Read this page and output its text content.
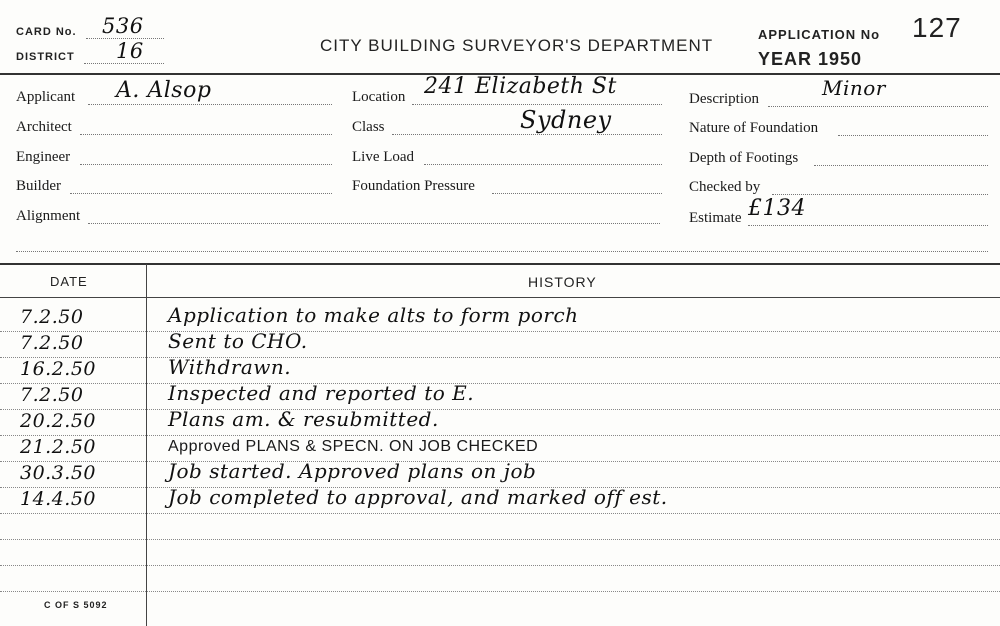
CARD No. 536
DISTRICT 16	CITY BUILDING SURVEYOR'S DEPARTMENT
APPLICATION No 127
YEAR 1950
Applicant A. Alsop
Architect
Engineer
Builder
Alignment
Location 241 Elizabeth St
Class	Sydney
Live Load
Foundation Pressure
Description	Minor
Nature of Foundation
Depth of Footings
Checked by
Estimate £134
DATE	HISTORY
7.2.50	Application to make alts to form porch
7.2.50	Sent to CHO.
16.2.50	Withdrawn.
7.2.50	Inspected and reported to E.
20.2.50	Plans am. & resubmitted.
21.2.50	Approved PLANS & SPECN. ON JOB CHECKED
30.3.50	Job started. Approved plans on job
14.4.50	Job completed to approval, and marked off est.
C OF S 5092
